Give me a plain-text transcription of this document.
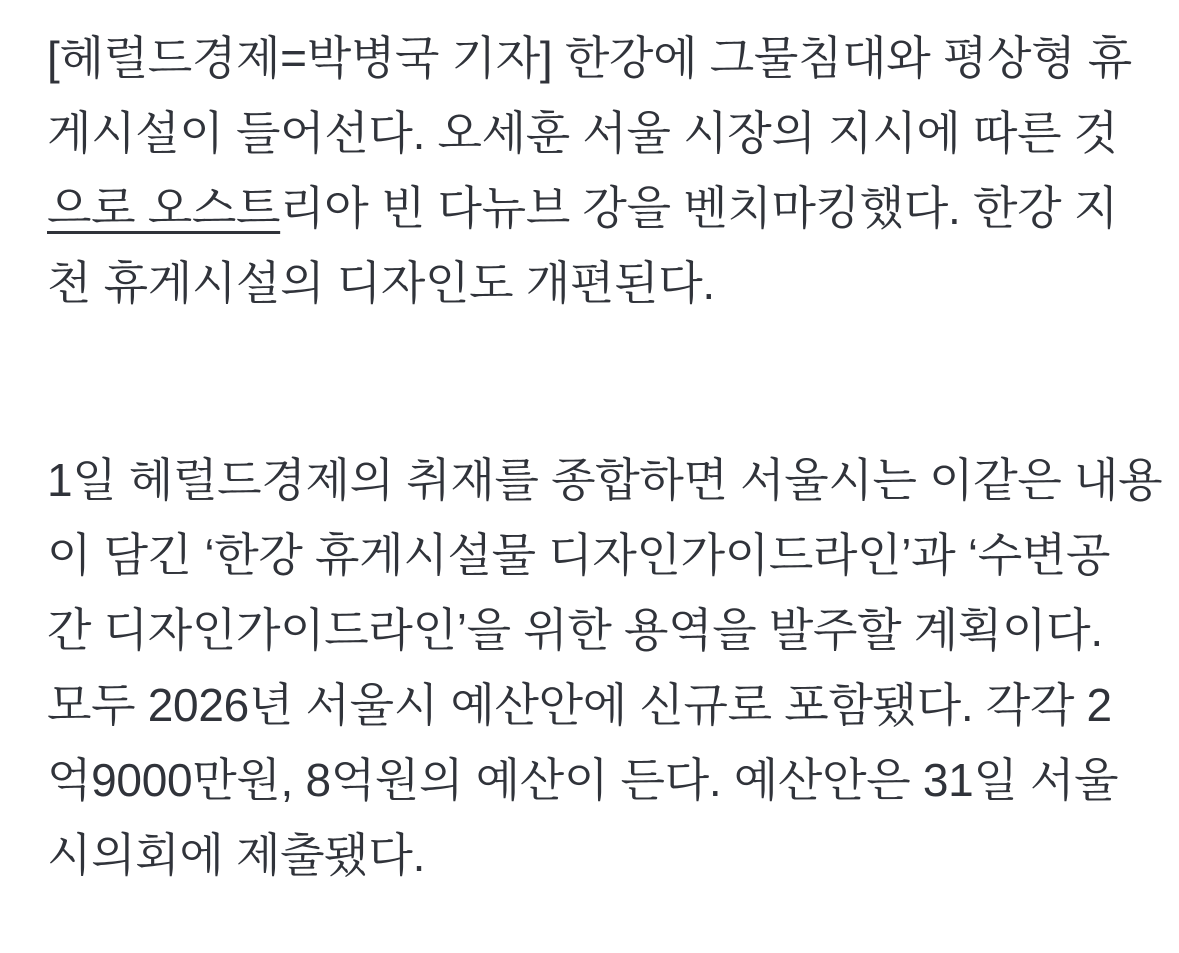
[헤럴드경제=박병국 기자] 한강에 그물침대와 평상형 휴
게시설이 들어선다. 오세훈 서울 시장의 지시에 따른 것
으로 오스트리아 빈 다뉴브 강을 벤치마킹했다. 한강 지
천 휴게시설의 디자인도 개편된다.

1일 헤럴드경제의 취재를 종합하면 서울시는 이같은 내용
이 담긴 ‘한강 휴게시설물 디자인가이드라인’과 ‘수변공
간 디자인가이드라인’을 위한 용역을 발주할 계획이다.
모두 2026년 서울시 예산안에 신규로 포함됐다. 각각 2
억9000만원, 8억원의 예산이 든다. 예산안은 31일 서울
시의회에 제출됐다.
